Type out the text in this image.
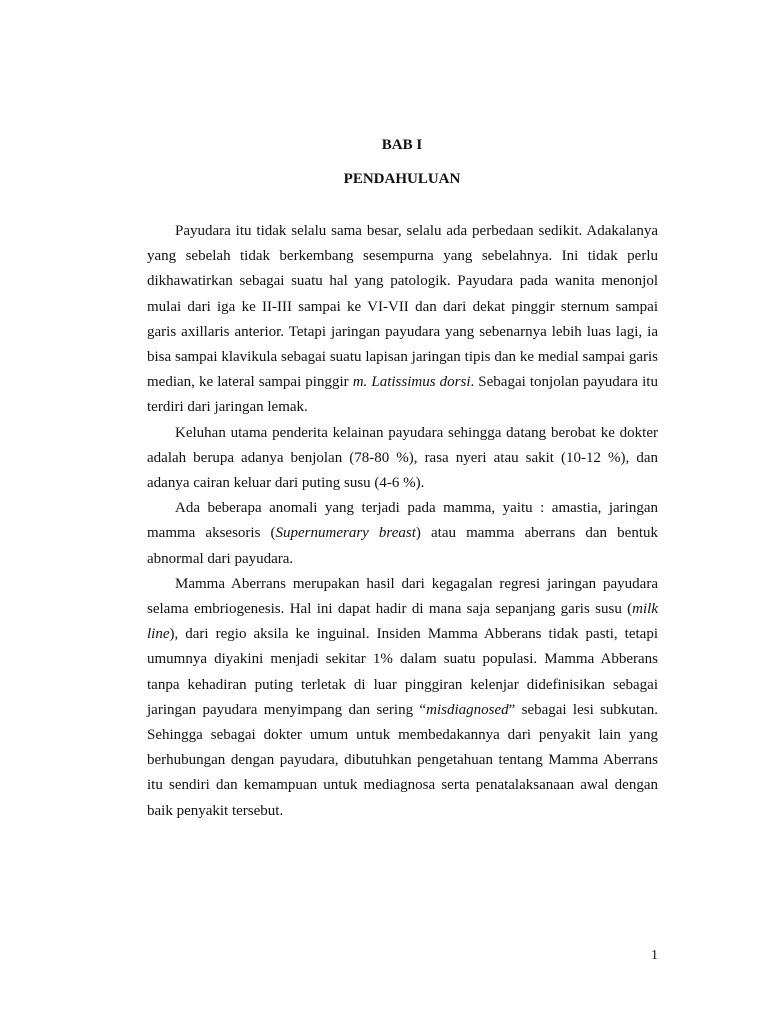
BAB I
PENDAHULUAN

Payudara itu tidak selalu sama besar, selalu ada perbedaan sedikit. Adakalanya yang sebelah tidak berkembang sesempurna yang sebelahnya. Ini tidak perlu dikhawatirkan sebagai suatu hal yang patologik. Payudara pada wanita menonjol mulai dari iga ke II-III sampai ke VI-VII dan dari dekat pinggir sternum sampai garis axillaris anterior. Tetapi jaringan payudara yang sebenarnya lebih luas lagi, ia bisa sampai klavikula sebagai suatu lapisan jaringan tipis dan ke medial sampai garis median, ke lateral sampai pinggir m. Latissimus dorsi. Sebagai tonjolan payudara itu terdiri dari jaringan lemak.

Keluhan utama penderita kelainan payudara sehingga datang berobat ke dokter adalah berupa adanya benjolan (78-80 %), rasa nyeri atau sakit (10-12 %), dan adanya cairan keluar dari puting susu (4-6 %).

Ada beberapa anomali yang terjadi pada mamma, yaitu : amastia, jaringan mamma aksesoris (Supernumerary breast) atau mamma aberrans dan bentuk abnormal dari payudara.

Mamma Aberrans merupakan hasil dari kegagalan regresi jaringan payudara selama embriogenesis. Hal ini dapat hadir di mana saja sepanjang garis susu (milk line), dari regio aksila ke inguinal. Insiden Mamma Abberans tidak pasti, tetapi umumnya diyakini menjadi sekitar 1% dalam suatu populasi. Mamma Abberans tanpa kehadiran puting terletak di luar pinggiran kelenjar didefinisikan sebagai jaringan payudara menyimpang dan sering “misdiagnosed” sebagai lesi subkutan. Sehingga sebagai dokter umum untuk membedakannya dari penyakit lain yang berhubungan dengan payudara, dibutuhkan pengetahuan tentang Mamma Aberrans itu sendiri dan kemampuan untuk mediagnosa serta penatalaksanaan awal dengan baik penyakit tersebut.

1
